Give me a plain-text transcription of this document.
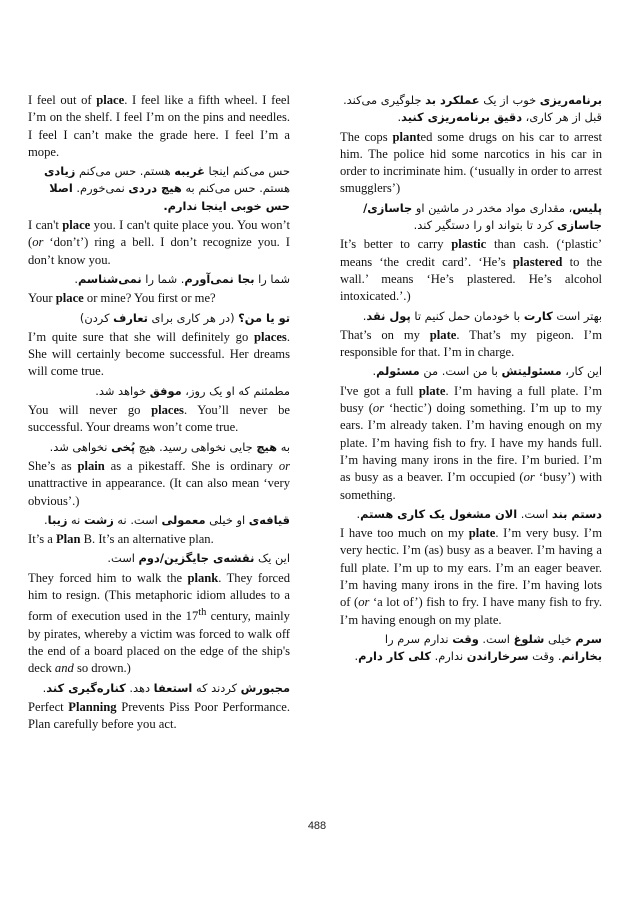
I feel out of place. I feel like a fifth wheel. I feel I’m on the shelf. I feel I’m on the pins and needles. I feel I can’t make the grade here. I feel I’m a mope.

حس می‌کنم اینجا غریبه هستم. حس می‌کنم زیادی هستم. حس می‌کنم به هیچ دردی نمی‌خورم. اصلا حس خوبی اینجا ندارم.

I can't place you. I can't quite place you. You won’t (or ‘don’t’) ring a bell. I don’t recognize you. I don’t know you.

شما را بجا نمی‌آورم. شما را نمی‌شناسم.

Your place or mine? You first or me?

تو یا من؟ (در هر کاری برای تعارف کردن)

I’m quite sure that she will definitely go places. She will certainly become successful. Her dreams will come true.

مطمئنم که او یک روز، موفق خواهد شد.

You will never go places. You’ll never be successful. Your dreams won’t come true.

به هیچ جایی نخواهی رسید. هیچ پُخی نخواهی شد.

She’s as plain as a pikestaff. She is ordinary or unattractive in appearance. (It can also mean ‘very obvious’.)

قیافه‌ی او خیلی معمولی است. نه زشت نه زیبا.

It’s a Plan B. It’s an alternative plan.

این یک نقشه‌ی جایگزین/دوم است.

They forced him to walk the plank. They forced him to resign. (This metaphoric idiom alludes to a form of execution used in the 17th century, mainly by pirates, whereby a victim was forced to walk off the end of a board placed on the edge of the ship's deck and so drown.)

مجبورش کردند که استعفا دهد. کناره‌گیری کند.

Perfect Planning Prevents Piss Poor Performance. Plan carefully before you act.

برنامه‌ریزی خوب از یک عملکرد بد جلوگیری می‌کند. قبل از هر کاری، دقیق برنامه‌ریزی کنید.

The cops planted some drugs on his car to arrest him. The police hid some narcotics in his car in order to incriminate him. (‘usually in order to arrest smugglers’)

پلیس، مقداری مواد مخدر در ماشین او جاسازی/جاسازی کرد تا بتواند او را دستگیر کند.

It’s better to carry plastic than cash. (‘plastic’ means ‘the credit card’. ‘He’s plastered to the wall.’ means ‘He’s plastered. He’s alcohol intoxicated.’.)

بهتر است کارت با خودمان حمل کنیم تا پول نقد.

That’s on my plate. That’s my pigeon. I’m responsible for that. I’m in charge.

این کار، مسئولیتش با من است. من مسئولم.

I've got a full plate. I’m having a full plate. I’m busy (or ‘hectic’) doing something. I’m up to my ears. I’m already taken. I’m having enough on my plate. I’m having fish to fry. I have my hands full. I’m having many irons in the fire. I’m buried. I’m as busy as a beaver. I’m occupied (or ‘busy’) with something.

دستم بند است. الان مشغول یک کاری هستم.

I have too much on my plate. I’m very busy. I’m very hectic. I’m (as) busy as a beaver. I’m having a full plate. I’m up to my ears. I’m an eager beaver. I’m having many irons in the fire. I’m having lots of (or ‘a lot of’) fish to fry. I have many fish to fry. I’m having enough on my plate.

سرم خیلی شلوغ است. وقت ندارم سرم را بخارانم. وقت سرخاراندن ندارم. کلی کار دارم.

488
